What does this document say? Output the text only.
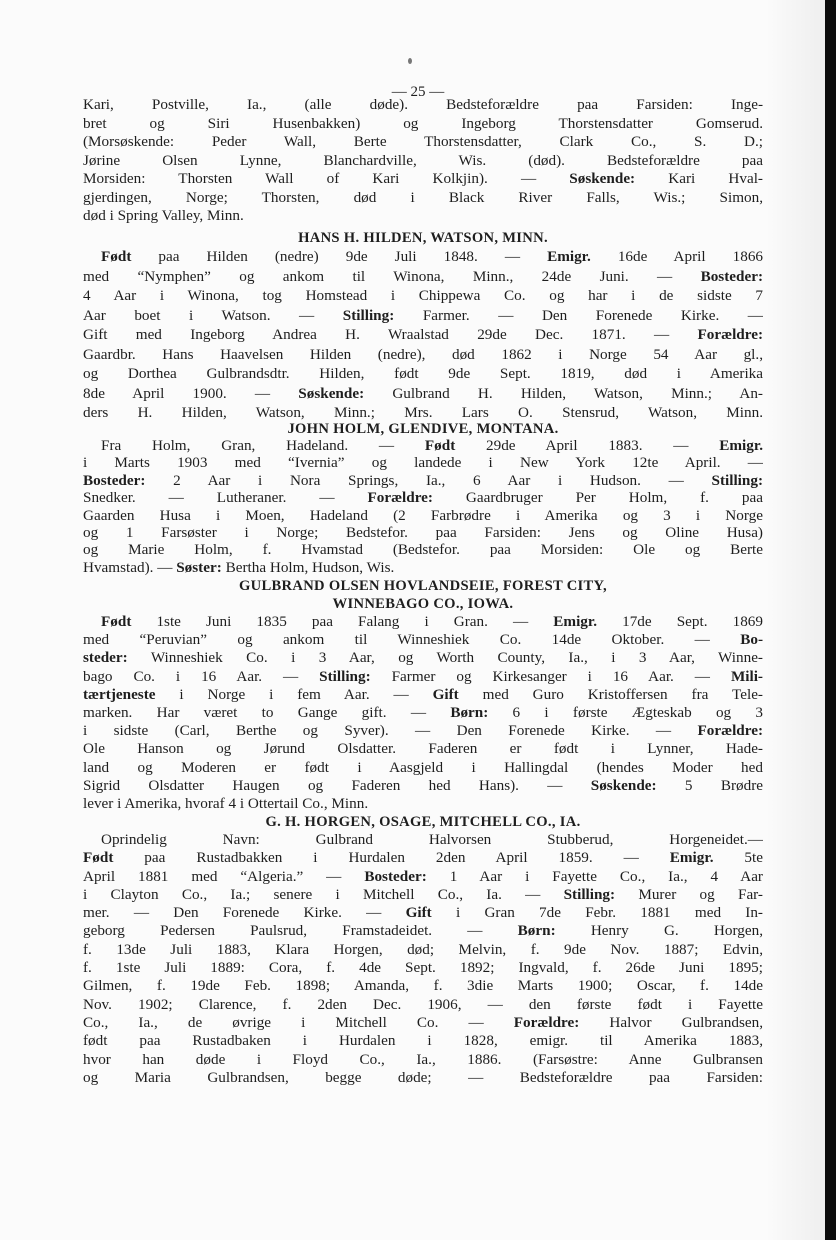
— 25 —
Kari, Postville, Ia., (alle døde). Bedsteforældre paa Farsiden: Inge-
bret og Siri Husenbakken) og Ingeborg Thorstensdatter Gomserud.
(Morsøskende: Peder Wall, Berte Thorstensdatter, Clark Co., S. D.;
Jørine Olsen Lynne, Blanchardville, Wis. (død). Bedsteforældre paa
Morsiden: Thorsten Wall of Kari Kolkjin). — Søskende: Kari Hval-
gjerdingen, Norge; Thorsten, død i Black River Falls, Wis.; Simon,
død i Spring Valley, Minn.
HANS H. HILDEN, WATSON, MINN.
Født paa Hilden (nedre) 9de Juli 1848. — Emigr. 16de April 1866
med “Nymphen” og ankom til Winona, Minn., 24de Juni. — Bosteder:
4 Aar i Winona, tog Homstead i Chippewa Co. og har i de sidste 7
Aar boet i Watson. — Stilling: Farmer. — Den Forenede Kirke. —
Gift med Ingeborg Andrea H. Wraalstad 29de Dec. 1871. — Forældre:
Gaardbr. Hans Haavelsen Hilden (nedre), død 1862 i Norge 54 Aar gl.,
og Dorthea Gulbrandsdtr. Hilden, født 9de Sept. 1819, død i Amerika
8de April 1900. — Søskende: Gulbrand H. Hilden, Watson, Minn.; An-
ders H. Hilden, Watson, Minn.; Mrs. Lars O. Stensrud, Watson, Minn.
JOHN HOLM, GLENDIVE, MONTANA.
Fra Holm, Gran, Hadeland. — Født 29de April 1883. — Emigr.
i Marts 1903 med “Ivernia” og landede i New York 12te April. —
Bosteder: 2 Aar i Nora Springs, Ia., 6 Aar i Hudson. — Stilling:
Snedker. — Lutheraner. — Forældre: Gaardbruger Per Holm, f. paa
Gaarden Husa i Moen, Hadeland (2 Farbrødre i Amerika og 3 i Norge
og 1 Farsøster i Norge; Bedstefor. paa Farsiden: Jens og Oline Husa)
og Marie Holm, f. Hvamstad (Bedstefor. paa Morsiden: Ole og Berte
Hvamstad). — Søster: Bertha Holm, Hudson, Wis.
GULBRAND OLSEN HOVLANDSEIE, FOREST CITY,
WINNEBAGO CO., IOWA.
Født 1ste Juni 1835 paa Falang i Gran. — Emigr. 17de Sept. 1869
med “Peruvian” og ankom til Winneshiek Co. 14de Oktober. — Bo-
steder: Winneshiek Co. i 3 Aar, og Worth County, Ia., i 3 Aar, Winne-
bago Co. i 16 Aar. — Stilling: Farmer og Kirkesanger i 16 Aar. — Mili-
tærtjeneste i Norge i fem Aar. — Gift med Guro Kristoffersen fra Tele-
marken. Har været to Gange gift. — Børn: 6 i første Ægteskab og 3
i sidste (Carl, Berthe og Syver). — Den Forenede Kirke. — Forældre:
Ole Hanson og Jørund Olsdatter. Faderen er født i Lynner, Hade-
land og Moderen er født i Aasgjeld i Hallingdal (hendes Moder hed
Sigrid Olsdatter Haugen og Faderen hed Hans). — Søskende: 5 Brødre
lever i Amerika, hvoraf 4 i Ottertail Co., Minn.
G. H. HORGEN, OSAGE, MITCHELL CO., IA.
Oprindelig Navn: Gulbrand Halvorsen Stubberud, Horgeneidet.—
Født paa Rustadbakken i Hurdalen 2den April 1859. — Emigr. 5te
April 1881 med “Algeria.” — Bosteder: 1 Aar i Fayette Co., Ia., 4 Aar
i Clayton Co., Ia.; senere i Mitchell Co., Ia. — Stilling: Murer og Far-
mer. — Den Forenede Kirke. — Gift i Gran 7de Febr. 1881 med In-
geborg Pedersen Paulsrud, Framstadeidet. — Børn: Henry G. Horgen,
f. 13de Juli 1883, Klara Horgen, død; Melvin, f. 9de Nov. 1887; Edvin,
f. 1ste Juli 1889: Cora, f. 4de Sept. 1892; Ingvald, f. 26de Juni 1895;
Gilmen, f. 19de Feb. 1898; Amanda, f. 3die Marts 1900; Oscar, f. 14de
Nov. 1902; Clarence, f. 2den Dec. 1906, — den første født i Fayette
Co., Ia., de øvrige i Mitchell Co. — Forældre: Halvor Gulbrandsen,
født paa Rustadbaken i Hurdalen i 1828, emigr. til Amerika 1883,
hvor han døde i Floyd Co., Ia., 1886. (Farsøstre: Anne Gulbransen
og Maria Gulbrandsen, begge døde; — Bedsteforældre paa Farsiden:
